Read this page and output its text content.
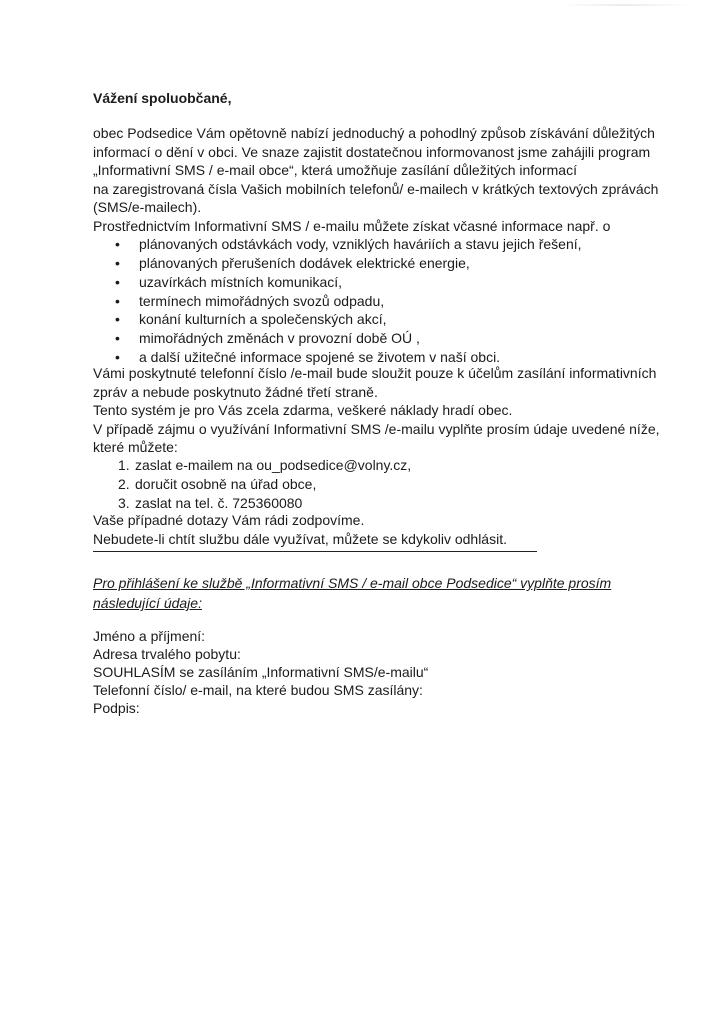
Vážení spoluobčané,
obec Podsedice Vám opětovně nabízí jednoduchý a pohodlný způsob získávání důležitých
informací o dění v obci. Ve snaze zajistit dostatečnou informovanost jsme zahájili program
„Informativní SMS / e-mail obce“, která umožňuje zasílání důležitých informací
na zaregistrovaná čísla Vašich mobilních telefonů/ e-mailech v krátkých textových zprávách
(SMS/e-mailech).
Prostřednictvím Informativní SMS / e-mailu můžete získat včasné informace např. o
• plánovaných odstávkách vody, vzniklých haváriích a stavu jejich řešení,
• plánovaných přerušeních dodávek elektrické energie,
• uzavírkách místních komunikací,
• termínech mimořádných svozů odpadu,
• konání kulturních a společenských akcí,
• mimořádných změnách v provozní době OÚ ,
• a další užitečné informace spojené se životem v naší obci.
Vámi poskytnuté telefonní číslo /e-mail bude sloužit pouze k účelům zasílání informativních
zpráv a nebude poskytnuto žádné třetí straně.
Tento systém je pro Vás zcela zdarma, veškeré náklady hradí obec.
V případě zájmu o využívání Informativní SMS /e-mailu vyplňte prosím údaje uvedené níže,
které můžete:
1. zaslat e-mailem na ou_podsedice@volny.cz,
2. doručit osobně na úřad obce,
3. zaslat na tel. č. 725360080
Vaše případné dotazy Vám rádi zodpovíme.
Nebudete-li chtít službu dále využívat, můžete se kdykoliv odhlásit.
Pro přihlášení ke službě „Informativní SMS / e-mail obce Podsedice“ vyplňte prosím
následující údaje:
Jméno a příjmení:
Adresa trvalého pobytu:
SOUHLASÍM se zasíláním „Informativní SMS/e-mailu“
Telefonní číslo/ e-mail, na které budou SMS zasílány:
Podpis:
